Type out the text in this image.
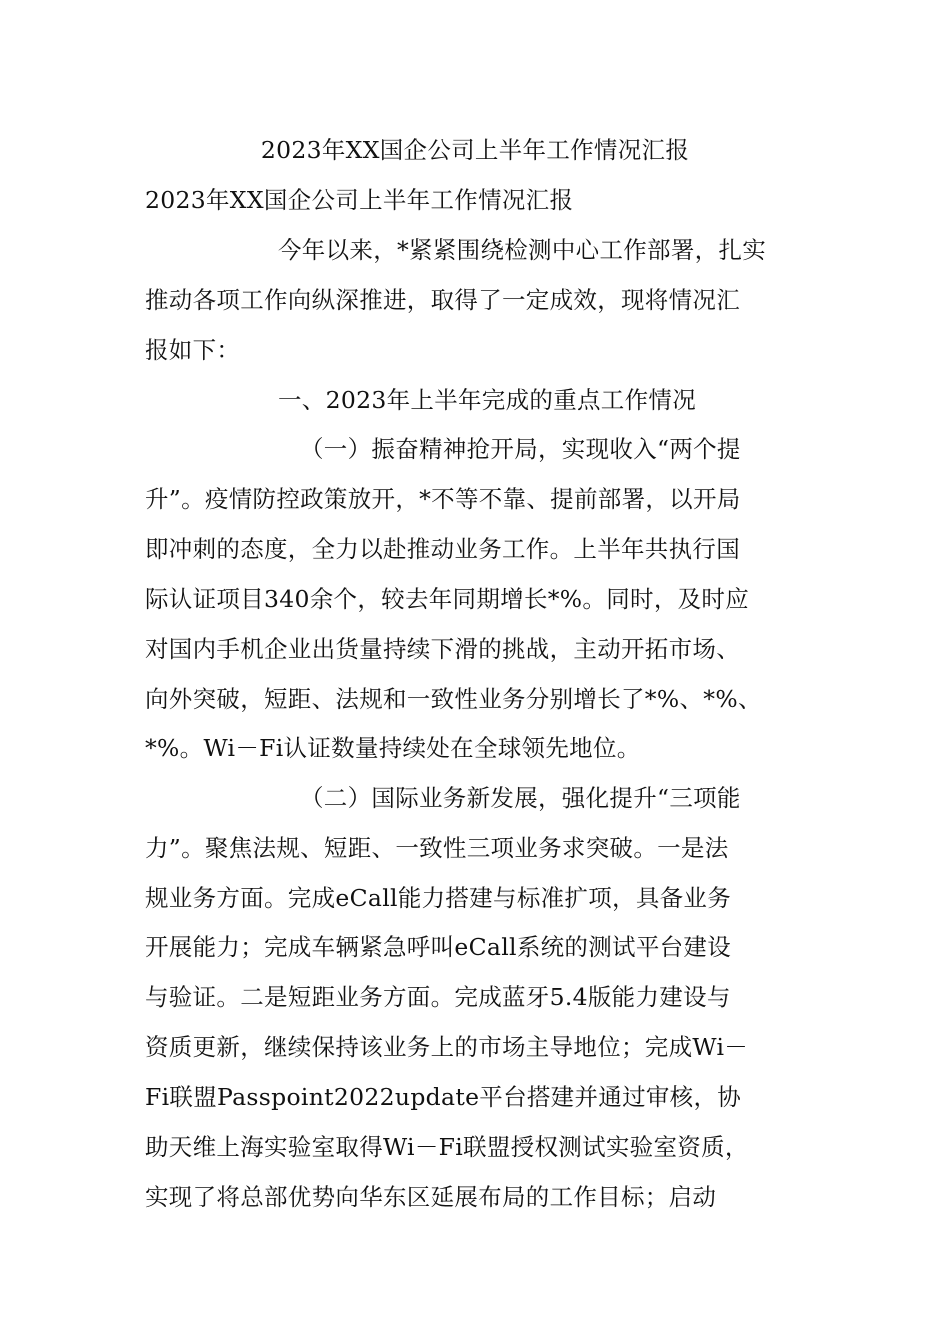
2023年XX国企公司上半年工作情况汇报
2023年XX国企公司上半年工作情况汇报
今年以来，*紧紧围绕检测中心工作部署，扎实
推动各项工作向纵深推进，取得了一定成效，现将情况汇
报如下：
一、2023年上半年完成的重点工作情况
（一）振奋精神抢开局，实现收入“两个提
升”。疫情防控政策放开，*不等不靠、提前部署，以开局
即冲刺的态度，全力以赴推动业务工作。上半年共执行国
际认证项目340余个，较去年同期增长*%。同时，及时应
对国内手机企业出货量持续下滑的挑战，主动开拓市场、
向外突破，短距、法规和一致性业务分别增长了*%、*%、
*%。Wi－Fi认证数量持续处在全球领先地位。
（二）国际业务新发展，强化提升“三项能
力”。聚焦法规、短距、一致性三项业务求突破。一是法
规业务方面。完成eCall能力搭建与标准扩项，具备业务
开展能力；完成车辆紧急呼叫eCall系统的测试平台建设
与验证。二是短距业务方面。完成蓝牙5.4版能力建设与
资质更新，继续保持该业务上的市场主导地位；完成Wi－
Fi联盟Passpoint2022update平台搭建并通过审核，协
助天维上海实验室取得Wi－Fi联盟授权测试实验室资质，
实现了将总部优势向华东区延展布局的工作目标；启动
